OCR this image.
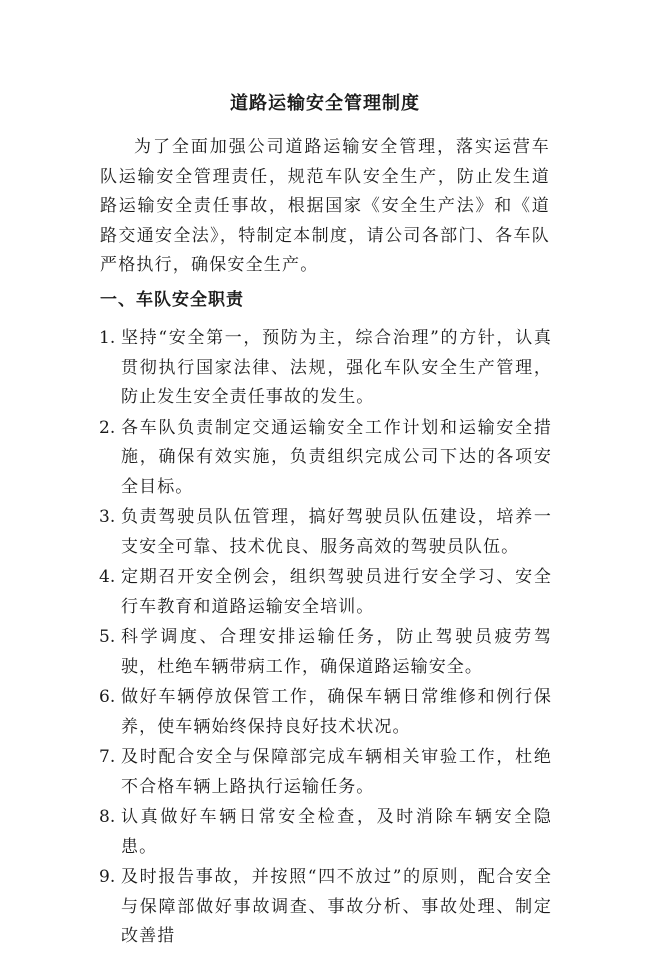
道路运输安全管理制度

为了全面加强公司道路运输安全管理，落实运营车队运输安全管理责任，规范车队安全生产，防止发生道路运输安全责任事故，根据国家《安全生产法》和《道路交通安全法》，特制定本制度，请公司各部门、各车队严格执行，确保安全生产。

一、车队安全职责
1. 坚持“安全第一，预防为主，综合治理”的方针，认真贯彻执行国家法律、法规，强化车队安全生产管理，防止发生安全责任事故的发生。
2. 各车队负责制定交通运输安全工作计划和运输安全措施，确保有效实施，负责组织完成公司下达的各项安全目标。
3. 负责驾驶员队伍管理，搞好驾驶员队伍建设，培养一支安全可靠、技术优良、服务高效的驾驶员队伍。
4. 定期召开安全例会，组织驾驶员进行安全学习、安全行车教育和道路运输安全培训。
5. 科学调度、合理安排运输任务，防止驾驶员疲劳驾驶，杜绝车辆带病工作，确保道路运输安全。
6. 做好车辆停放保管工作，确保车辆日常维修和例行保养，使车辆始终保持良好技术状况。
7. 及时配合安全与保障部完成车辆相关审验工作，杜绝不合格车辆上路执行运输任务。
8. 认真做好车辆日常安全检查，及时消除车辆安全隐患。
9. 及时报告事故，并按照“四不放过”的原则，配合安全与保障部做好事故调查、事故分析、事故处理、制定改善措
